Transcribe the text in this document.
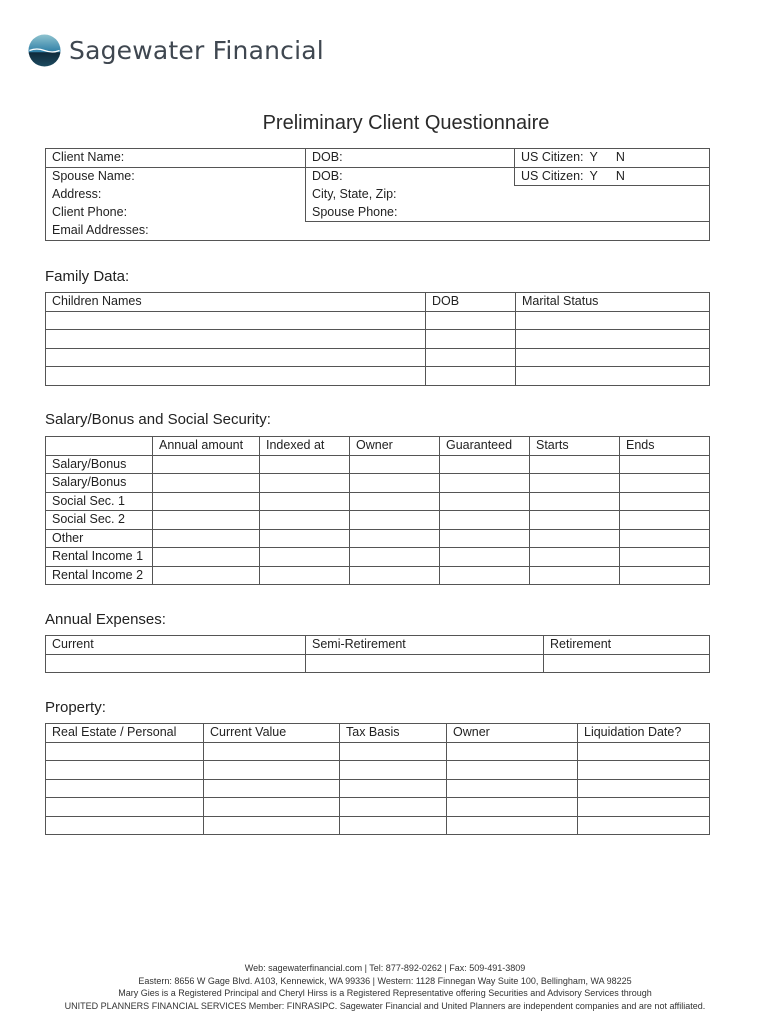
Sagewater Financial
Preliminary Client Questionnaire
Client Name:	DOB:	US Citizen: Y N
Spouse Name:	DOB:	US Citizen: Y N
Address:	City, State, Zip:	
Client Phone:	Spouse Phone:	
Email Addresses:		
Family Data:
Children Names	DOB	Marital Status

Salary/Bonus and Social Security:
	Annual amount	Indexed at	Owner	Guaranteed	Starts	Ends
Salary/Bonus						
Salary/Bonus						
Social Sec. 1						
Social Sec. 2						
Other						
Rental Income 1						
Rental Income 2						
Annual Expenses:
Current	Semi-Retirement	Retirement

Property:
Real Estate / Personal	Current Value	Tax Basis	Owner	Liquidation Date?

Web: sagewaterfinancial.com | Tel: 877-892-0262 | Fax: 509-491-3809
Eastern: 8656 W Gage Blvd. A103, Kennewick, WA 99336 | Western: 1128 Finnegan Way Suite 100, Bellingham, WA 98225
Mary Gies is a Registered Principal and Cheryl Hirss is a Registered Representative offering Securities and Advisory Services through
UNITED PLANNERS FINANCIAL SERVICES Member: FINRASIPC. Sagewater Financial and United Planners are independent companies and are not affiliated.
